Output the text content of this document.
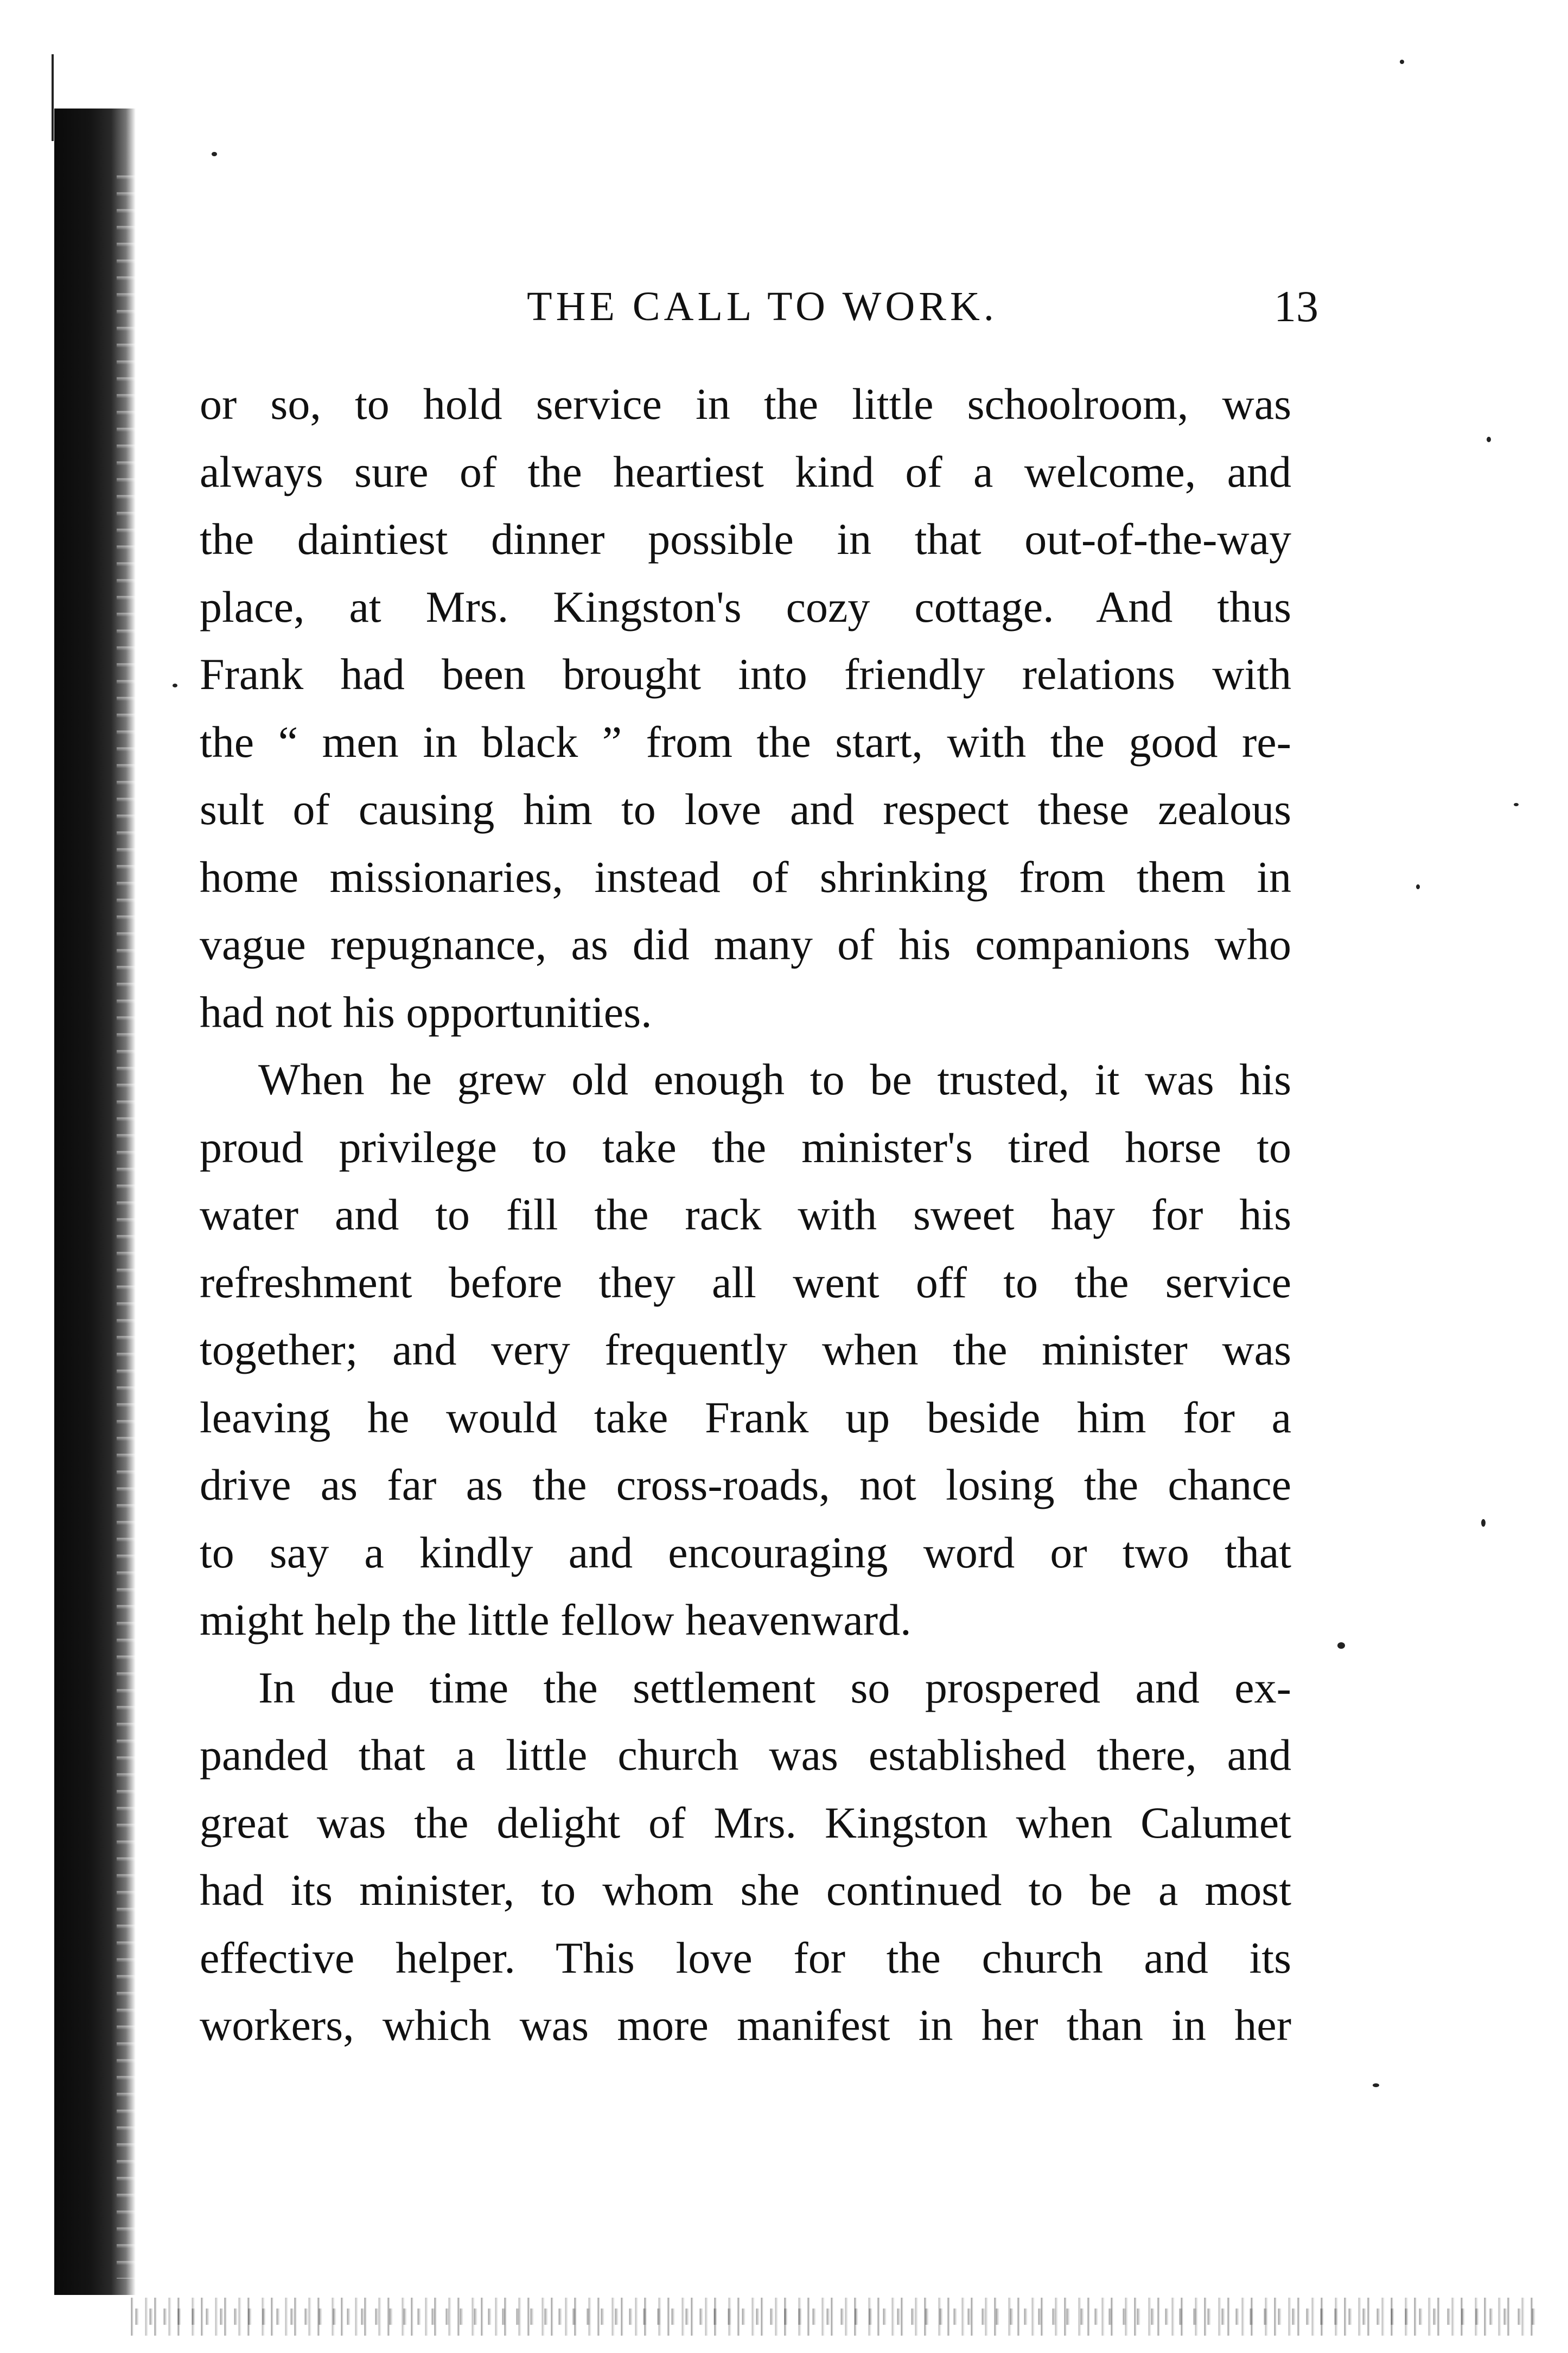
THE CALL TO WORK.	13
or so, to hold service in the little schoolroom, was
always sure of the heartiest kind of a welcome, and
the daintiest dinner possible in that out-of-the-way
place, at Mrs. Kingston's cozy cottage. And thus
Frank had been brought into friendly relations with
the “ men in black ” from the start, with the good re-
sult of causing him to love and respect these zealous
home missionaries, instead of shrinking from them in
vague repugnance, as did many of his companions who
had not his opportunities.
When he grew old enough to be trusted, it was his
proud privilege to take the minister's tired horse to
water and to fill the rack with sweet hay for his
refreshment before they all went off to the service
together; and very frequently when the minister was
leaving he would take Frank up beside him for a
drive as far as the cross-roads, not losing the chance
to say a kindly and encouraging word or two that
might help the little fellow heavenward.
In due time the settlement so prospered and ex-
panded that a little church was established there, and
great was the delight of Mrs. Kingston when Calumet
had its minister, to whom she continued to be a most
effective helper. This love for the church and its
workers, which was more manifest in her than in her
